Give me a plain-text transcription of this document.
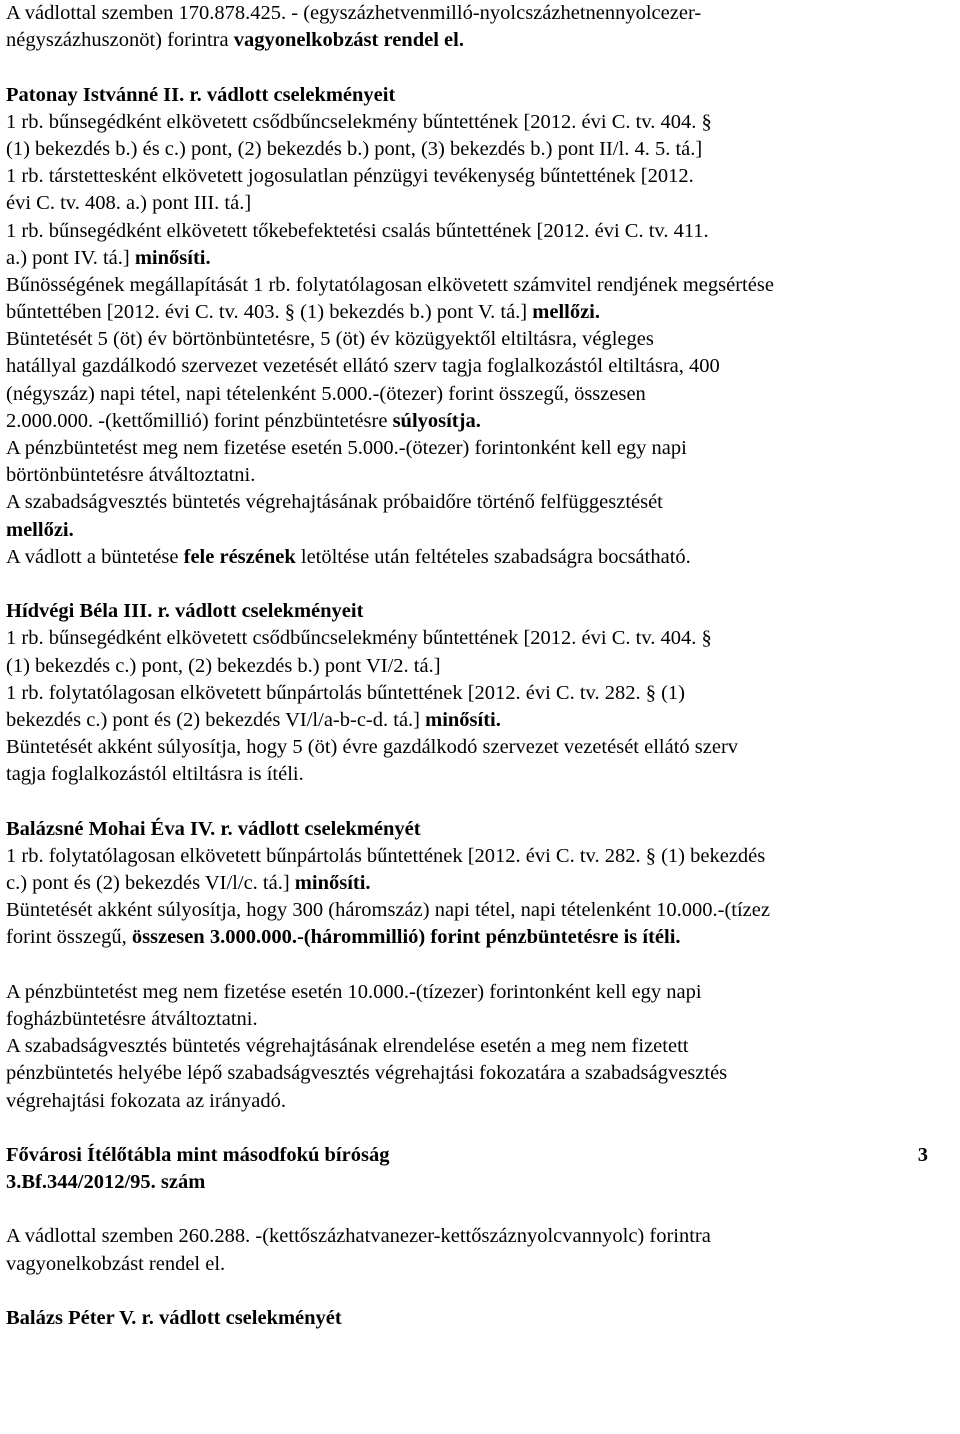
A vádlottal szemben 170.878.425. - (egyszázhetvenmilló-nyolcszázhetnennyolcezer-
négyszázhuszonöt) forintra vagyonelkobzást rendel el.
Patonay Istvánné II. r. vádlott cselekményeit
1 rb. bűnsegédként elkövetett csődbűncselekmény bűntettének [2012. évi C. tv. 404. §
(1) bekezdés b.) és c.) pont, (2) bekezdés b.) pont, (3) bekezdés b.) pont II/l. 4. 5. tá.]
1 rb. társtettesként elkövetett jogosulatlan pénzügyi tevékenység bűntettének [2012.
évi C. tv. 408. a.) pont III. tá.]
1 rb. bűnsegédként elkövetett tőkebefektetési csalás bűntettének [2012. évi C. tv. 411.
a.) pont IV. tá.] minősíti.
Bűnösségének megállapítását 1 rb. folytatólagosan elkövetett számvitel rendjének megsértése
bűntettében [2012. évi C. tv. 403. § (1) bekezdés b.) pont V. tá.] mellőzi.
Büntetését 5 (öt) év börtönbüntetésre, 5 (öt) év közügyektől eltiltásra, végleges
hatállyal gazdálkodó szervezet vezetését ellátó szerv tagja foglalkozástól eltiltásra, 400
(négyszáz) napi tétel, napi tételenként 5.000.-(ötezer) forint összegű, összesen
2.000.000. -(kettőmillió) forint pénzbüntetésre súlyosítja.
A pénzbüntetést meg nem fizetése esetén 5.000.-(ötezer) forintonként kell egy napi
börtönbüntetésre átváltoztatni.
A szabadságvesztés büntetés végrehajtásának próbaidőre történő felfüggesztését
mellőzi.
A vádlott a büntetése fele részének letöltése után feltételes szabadságra bocsátható.
Hídvégi Béla III. r. vádlott cselekményeit
1 rb. bűnsegédként elkövetett csődbűncselekmény bűntettének [2012. évi C. tv. 404. §
(1) bekezdés c.) pont, (2) bekezdés b.) pont VI/2. tá.]
1 rb. folytatólagosan elkövetett bűnpártolás bűntettének [2012. évi C. tv. 282. § (1)
bekezdés c.) pont és (2) bekezdés VI/l/a-b-c-d. tá.] minősíti.
Büntetését akként súlyosítja, hogy 5 (öt) évre gazdálkodó szervezet vezetését ellátó szerv
tagja foglalkozástól eltiltásra is ítéli.
Balázsné Mohai Éva IV. r. vádlott cselekményét
1 rb. folytatólagosan elkövetett bűnpártolás bűntettének [2012. évi C. tv. 282. § (1) bekezdés
c.) pont és (2) bekezdés VI/l/c. tá.] minősíti.
Büntetését akként súlyosítja, hogy 300 (háromszáz) napi tétel, napi tételenként 10.000.-(tízez
forint összegű, összesen 3.000.000.-(hárommillió) forint pénzbüntetésre is ítéli.
A pénzbüntetést meg nem fizetése esetén 10.000.-(tízezer) forintonként kell egy napi
fogházbüntetésre átváltoztatni.
A szabadságvesztés büntetés végrehajtásának elrendelése esetén a meg nem fizetett
pénzbüntetés helyébe lépő szabadságvesztés végrehajtási fokozatára a szabadságvesztés
végrehajtási fokozata az irányadó.
Fővárosi Ítélőtábla mint másodfokú bíróság	3
3.Bf.344/2012/95. szám
A vádlottal szemben 260.288. -(kettőszázhatvanezer-kettőszáznyolcvannyolc) forintra
vagyonelkobzást rendel el.
Balázs Péter V. r. vádlott cselekményét
